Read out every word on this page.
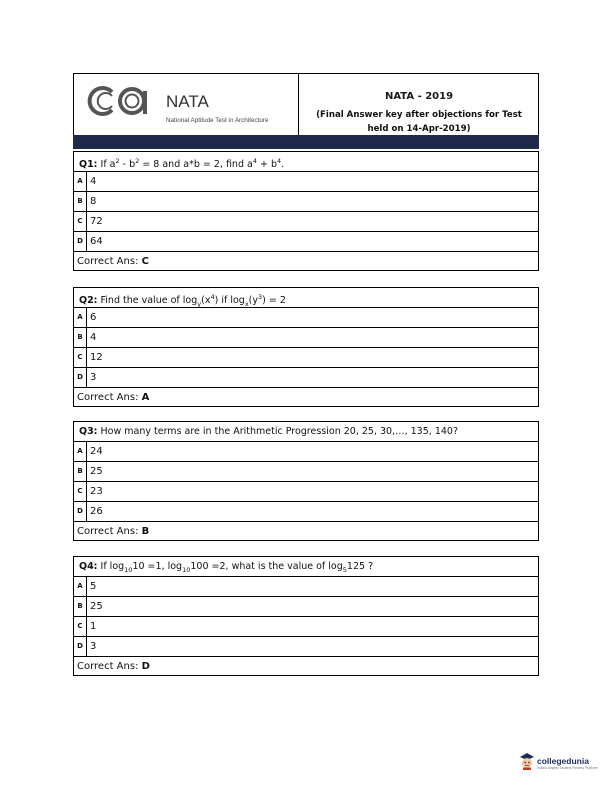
NATA
National Aptitude Test in Architecture
NATA - 2019
(Final Answer key after objections for Test
held on 14-Apr-2019)
Q1: If $a^2 - b^2 = 8$ and a*b = 2, find $a^4 + b^4$.
A 4
B 8
C 72
D 64
Correct Ans: C
Q2: Find the value of $\log_y(x^4)$ if $\log_x(y^3) = 2$
A 6
B 4
C 12
D 3
Correct Ans: A
Q3: How many terms are in the Arithmetic Progression 20, 25, 30,…, 135, 140?
A 24
B 25
C 23
D 26
Correct Ans: B
Q4: If $\log_{10}10 =1$, $\log_{10}100 =2$, what is the value of $\log_5125$ ?
A 5
B 25
C 1
D 3
Correct Ans: D
collegedunia
India's largest Student Review Platform
